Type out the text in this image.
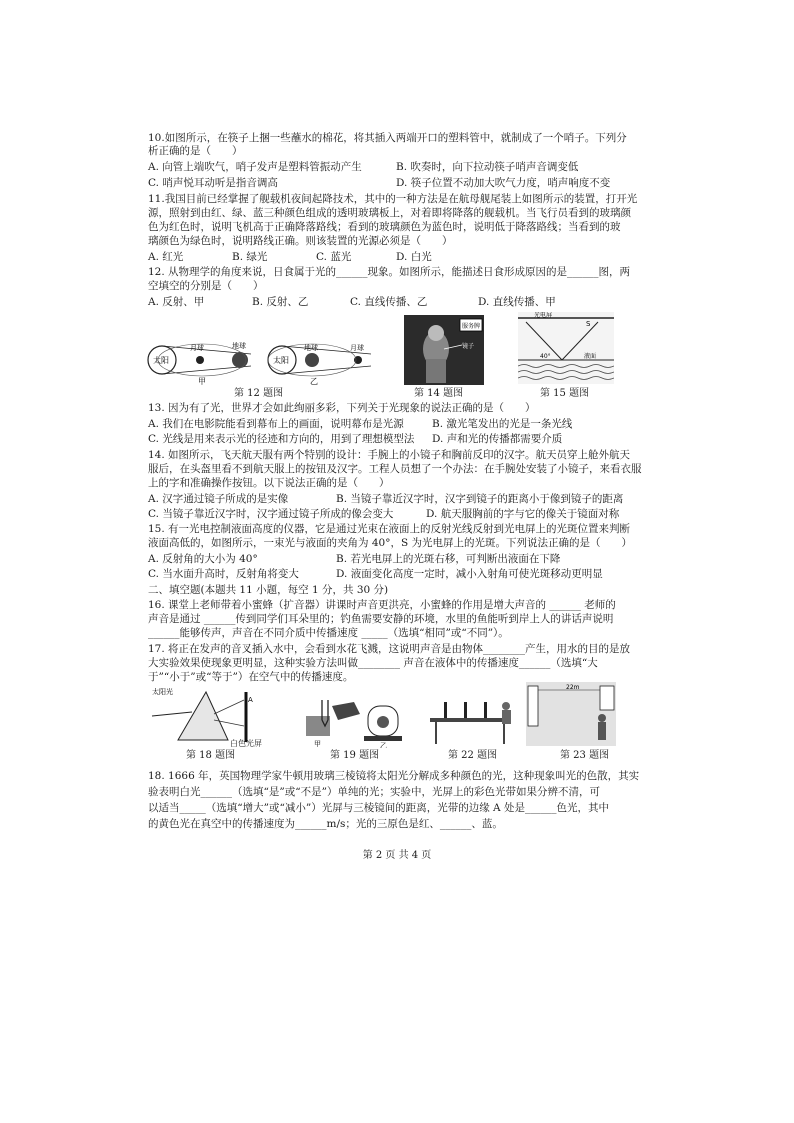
10.如图所示，在筷子上捆一些蘸水的棉花，将其插入两端开口的塑料管中，就制成了一个哨子。下列分
析正确的是（　　）
A. 向管上端吹气，哨子发声是塑料管振动产生	B. 吹奏时，向下拉动筷子哨声音调变低
C. 哨声悦耳动听是指音调高	D. 筷子位置不动加大吹气力度，哨声响度不变
11.我国目前已经掌握了舰载机夜间起降技术，其中的一种方法是在航母舰尾装上如图所示的装置，打开光
源，照射到由红、绿、蓝三种颜色组成的透明玻璃板上，对着即将降落的舰载机。当飞行员看到的玻璃颜
色为红色时，说明飞机高于正确降落路线；看到的玻璃颜色为蓝色时，说明低于降落路线；当看到的玻
璃颜色为绿色时，说明路线正确。则该装置的光源必须是（　　）
A. 红光	B. 绿光	C. 蓝光	D. 白光
12. 从物理学的角度来说，日食属于光的______现象。如图所示，能描述日食形成原因的是______图，两
空填空的分别是（　　）
A. 反射、甲	B. 反射、乙	C. 直线传播、乙	D. 直线传播、甲
太阳
月球	地球
甲
太阳
地球	月球
乙
服务牌
镜子
光电屏
S
40°	液面
第 12 题图	第 14 题图	第 15 题图
13. 因为有了光，世界才会如此绚丽多彩，下列关于光现象的说法正确的是（　　）
A. 我们在电影院能看到幕布上的画面，说明幕布是光源	B. 激光笔发出的光是一条光线
C. 光线是用来表示光的径迹和方向的，用到了理想模型法 D. 声和光的传播都需要介质
14. 如图所示，飞天航天服有两个特别的设计：手腕上的小镜子和胸前反印的汉字。航天员穿上舱外航天
服后，在头盔里看不到航天服上的按钮及汉字。工程人员想了一个办法：在手腕处安装了小镜子，来看衣服
上的字和准确操作按钮。以下说法正确的是（　　）
A. 汉字通过镜子所成的是实像	B. 当镜子靠近汉字时，汉字到镜子的距离小于像到镜子的距离
C. 当镜子靠近汉字时，汉字通过镜子所成的像会变大	D. 航天服胸前的字与它的像关于镜面对称
15. 有一光电控制液面高度的仪器，它是通过光束在液面上的反射光线反射到光电屏上的光斑位置来判断
液面高低的，如图所示，一束光与液面的夹角为 40°，S 为光电屏上的光斑。下列说法正确的是（　　）
A. 反射角的大小为 40°	B. 若光电屏上的光斑右移，可判断出液面在下降
C. 当水面升高时，反射角将变大	D. 液面变化高度一定时，减小入射角可使光斑移动更明显
二、填空题(本题共 11 小题，每空 1 分，共 30 分)
16. 课堂上老师带着小蜜蜂（扩音器）讲课时声音更洪亮，小蜜蜂的作用是增大声音的 ______ 老师的
声音是通过 ______传到同学们耳朵里的；钓鱼需要安静的环境，水里的鱼能听到岸上人的讲话声说明
______能够传声，声音在不同介质中传播速度 _____（选填“相同”或“不同”）。
17. 将正在发声的音叉插入水中，会看到水花飞溅，这说明声音是由物体________产生，用水的目的是放
大实验效果使现象更明显，这种实验方法叫做________ 声音在液体中的传播速度______（选填“大
于”“小于”或“等于”）在空气中的传播速度。
太阳光
A
白色光屏	甲	乙
22m
第 18 题图	第 19 题图	第 22 题图	第 23 题图
18. 1666 年，英国物理学家牛顿用玻璃三棱镜将太阳光分解成多种颜色的光，这种现象叫光的色散，其实
验表明白光______（选填“是”或“不是”）单纯的光；实验中，光屏上的彩色光带如果分辨不清，可
以适当_____（选填“增大”或“减小”）光屏与三棱镜间的距离，光带的边缘 A 处是______色光，其中
的黄色光在真空中的传播速度为______m/s；光的三原色是红、______、蓝。
第 2 页 共 4 页
